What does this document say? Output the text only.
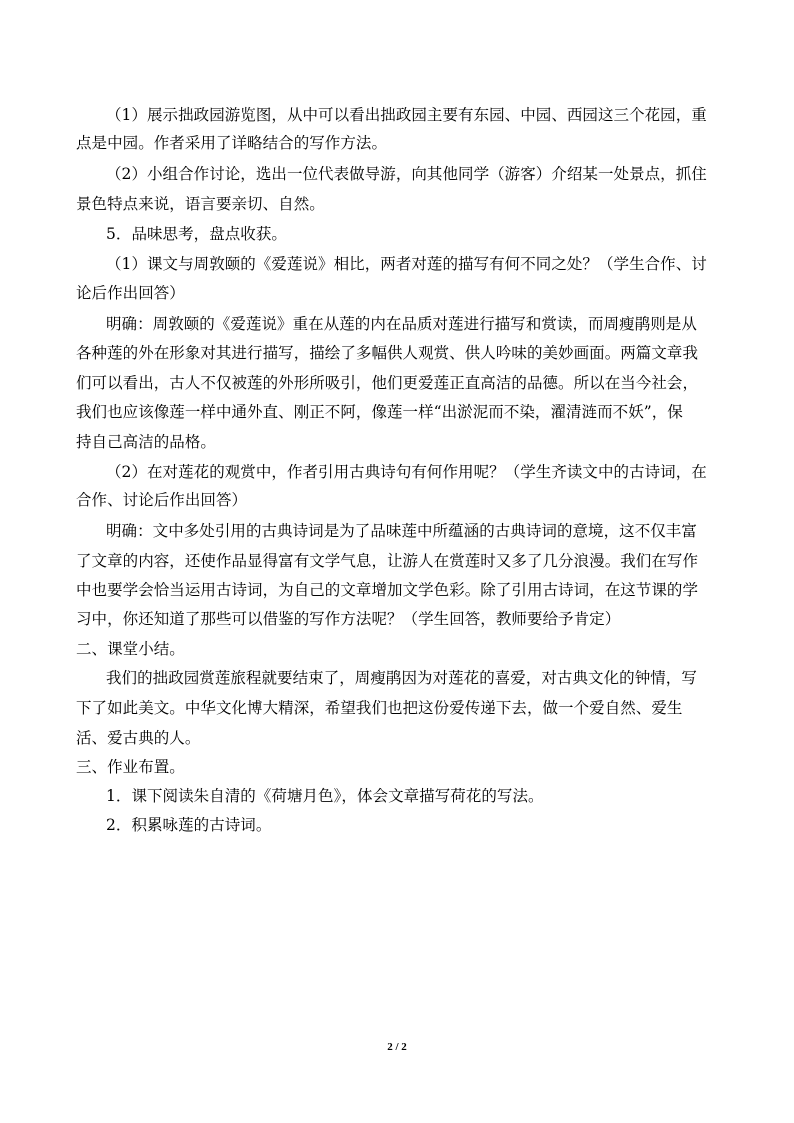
（1）展示拙政园游览图，从中可以看出拙政园主要有东园、中园、西园这三个花园，重
点是中园。作者采用了详略结合的写作方法。
（2）小组合作讨论，选出一位代表做导游，向其他同学（游客）介绍某一处景点，抓住
景色特点来说，语言要亲切、自然。
5．品味思考，盘点收获。
（1）课文与周敦颐的《爱莲说》相比，两者对莲的描写有何不同之处？（学生合作、讨
论后作出回答）
明确：周敦颐的《爱莲说》重在从莲的内在品质对莲进行描写和赏读，而周瘦鹃则是从
各种莲的外在形象对其进行描写，描绘了多幅供人观赏、供人吟味的美妙画面。两篇文章我
们可以看出，古人不仅被莲的外形所吸引，他们更爱莲正直高洁的品德。所以在当今社会，
我们也应该像莲一样中通外直、刚正不阿，像莲一样“出淤泥而不染，濯清涟而不妖”，保
持自己高洁的品格。
（2）在对莲花的观赏中，作者引用古典诗句有何作用呢？（学生齐读文中的古诗词，在
合作、讨论后作出回答）
明确：文中多处引用的古典诗词是为了品味莲中所蕴涵的古典诗词的意境，这不仅丰富
了文章的内容，还使作品显得富有文学气息，让游人在赏莲时又多了几分浪漫。我们在写作
中也要学会恰当运用古诗词，为自己的文章增加文学色彩。除了引用古诗词，在这节课的学
习中，你还知道了那些可以借鉴的写作方法呢？（学生回答，教师要给予肯定）
二、课堂小结。
我们的拙政园赏莲旅程就要结束了，周瘦鹃因为对莲花的喜爱，对古典文化的钟情，写
下了如此美文。中华文化博大精深，希望我们也把这份爱传递下去，做一个爱自然、爱生
活、爱古典的人。
三、作业布置。
1．课下阅读朱自清的《荷塘月色》，体会文章描写荷花的写法。
2．积累咏莲的古诗词。
2 / 2
